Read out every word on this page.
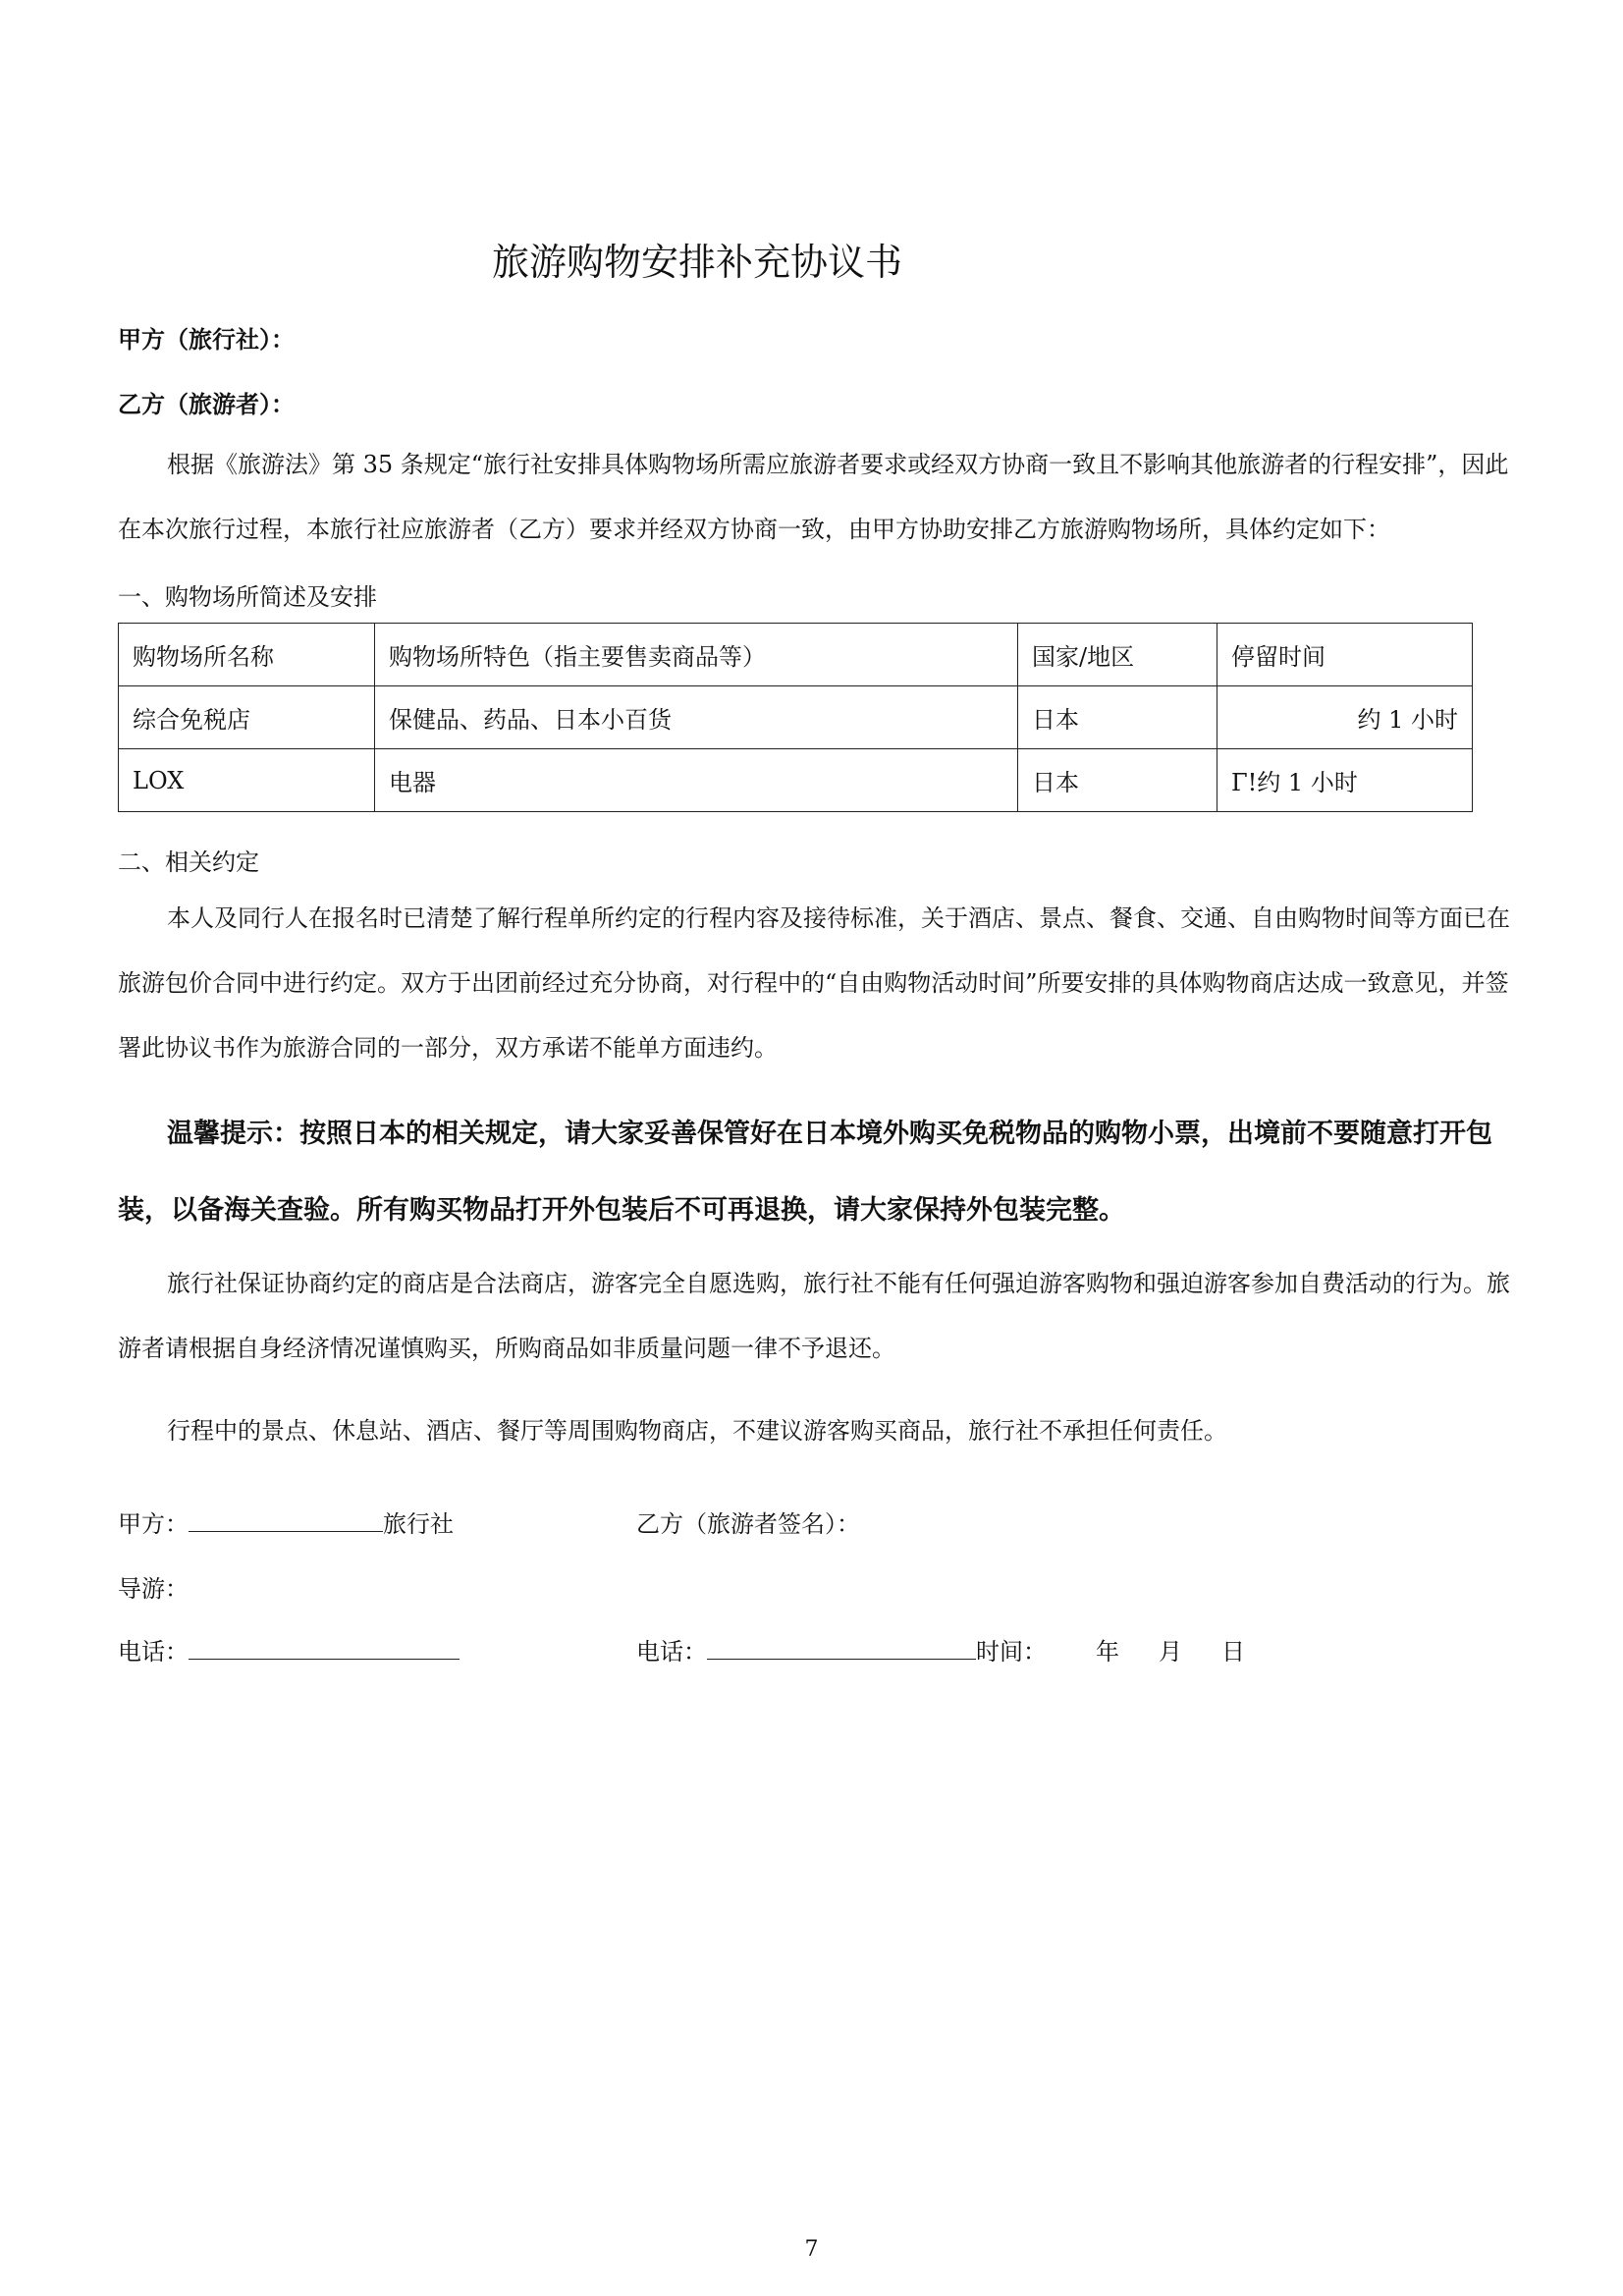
旅游购物安排补充协议书
甲方（旅行社）：
乙方（旅游者）：
根据《旅游法》第 35 条规定“旅行社安排具体购物场所需应旅游者要求或经双方协商一致且不影响其他旅游者的行程安排”，因此在本次旅行过程，本旅行社应旅游者（乙方）要求并经双方协商一致，由甲方协助安排乙方旅游购物场所，具体约定如下：
一、购物场所简述及安排
购物场所名称	购物场所特色（指主要售卖商品等）	国家/地区	停留时间
综合免税店	保健品、药品、日本小百货	日本	约 1 小时
LOX	电器	日本	Γ!约 1 小时
二、相关约定
本人及同行人在报名时已清楚了解行程单所约定的行程内容及接待标准，关于酒店、景点、餐食、交通、自由购物时间等方面已在旅游包价合同中进行约定。双方于出团前经过充分协商，对行程中的“自由购物活动时间”所要安排的具体购物商店达成一致意见，并签署此协议书作为旅游合同的一部分，双方承诺不能单方面违约。
温馨提示：按照日本的相关规定，请大家妥善保管好在日本境外购买免税物品的购物小票，出境前不要随意打开包装，以备海关查验。所有购买物品打开外包装后不可再退换，请大家保持外包装完整。
旅行社保证协商约定的商店是合法商店，游客完全自愿选购，旅行社不能有任何强迫游客购物和强迫游客参加自费活动的行为。旅游者请根据自身经济情况谨慎购买，所购商品如非质量问题一律不予退还。
行程中的景点、休息站、酒店、餐厅等周围购物商店，不建议游客购买商品，旅行社不承担任何责任。
甲方：	旅行社	乙方（旅游者签名）：
导游：
电话：	电话：	时间： 年 月 日
7
